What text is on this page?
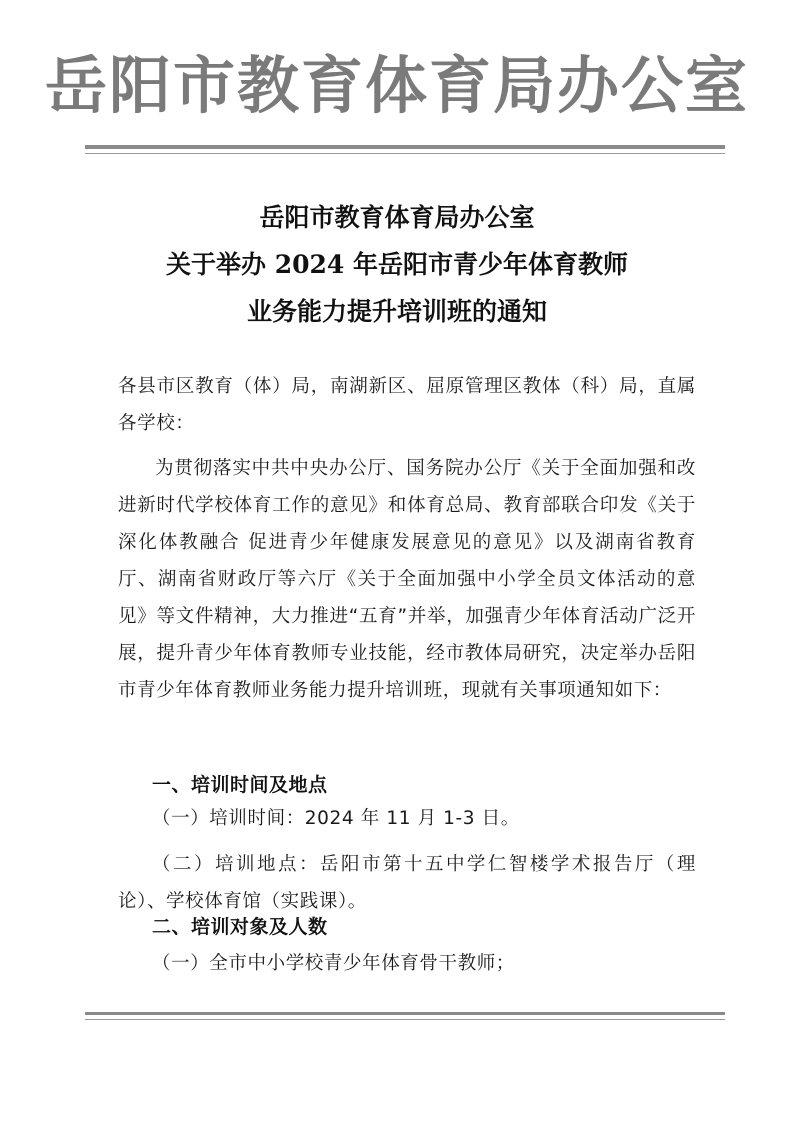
岳阳市教育体育局办公室
岳阳市教育体育局办公室
关于举办 2024 年岳阳市青少年体育教师
业务能力提升培训班的通知
各县市区教育（体）局，南湖新区、屈原管理区教体（科）局，直属各学校：
为贯彻落实中共中央办公厅、国务院办公厅《关于全面加强和改进新时代学校体育工作的意见》和体育总局、教育部联合印发《关于深化体教融合 促进青少年健康发展意见的意见》以及湖南省教育厅、湖南省财政厅等六厅《关于全面加强中小学全员文体活动的意见》等文件精神，大力推进“五育”并举，加强青少年体育活动广泛开展，提升青少年体育教师专业技能，经市教体局研究，决定举办岳阳市青少年体育教师业务能力提升培训班，现就有关事项通知如下：
一、培训时间及地点
（一）培训时间：2024 年 11 月 1-3 日。
（二）培训地点：岳阳市第十五中学仁智楼学术报告厅（理论）、学校体育馆（实践课）。
二、培训对象及人数
（一）全市中小学校青少年体育骨干教师；
